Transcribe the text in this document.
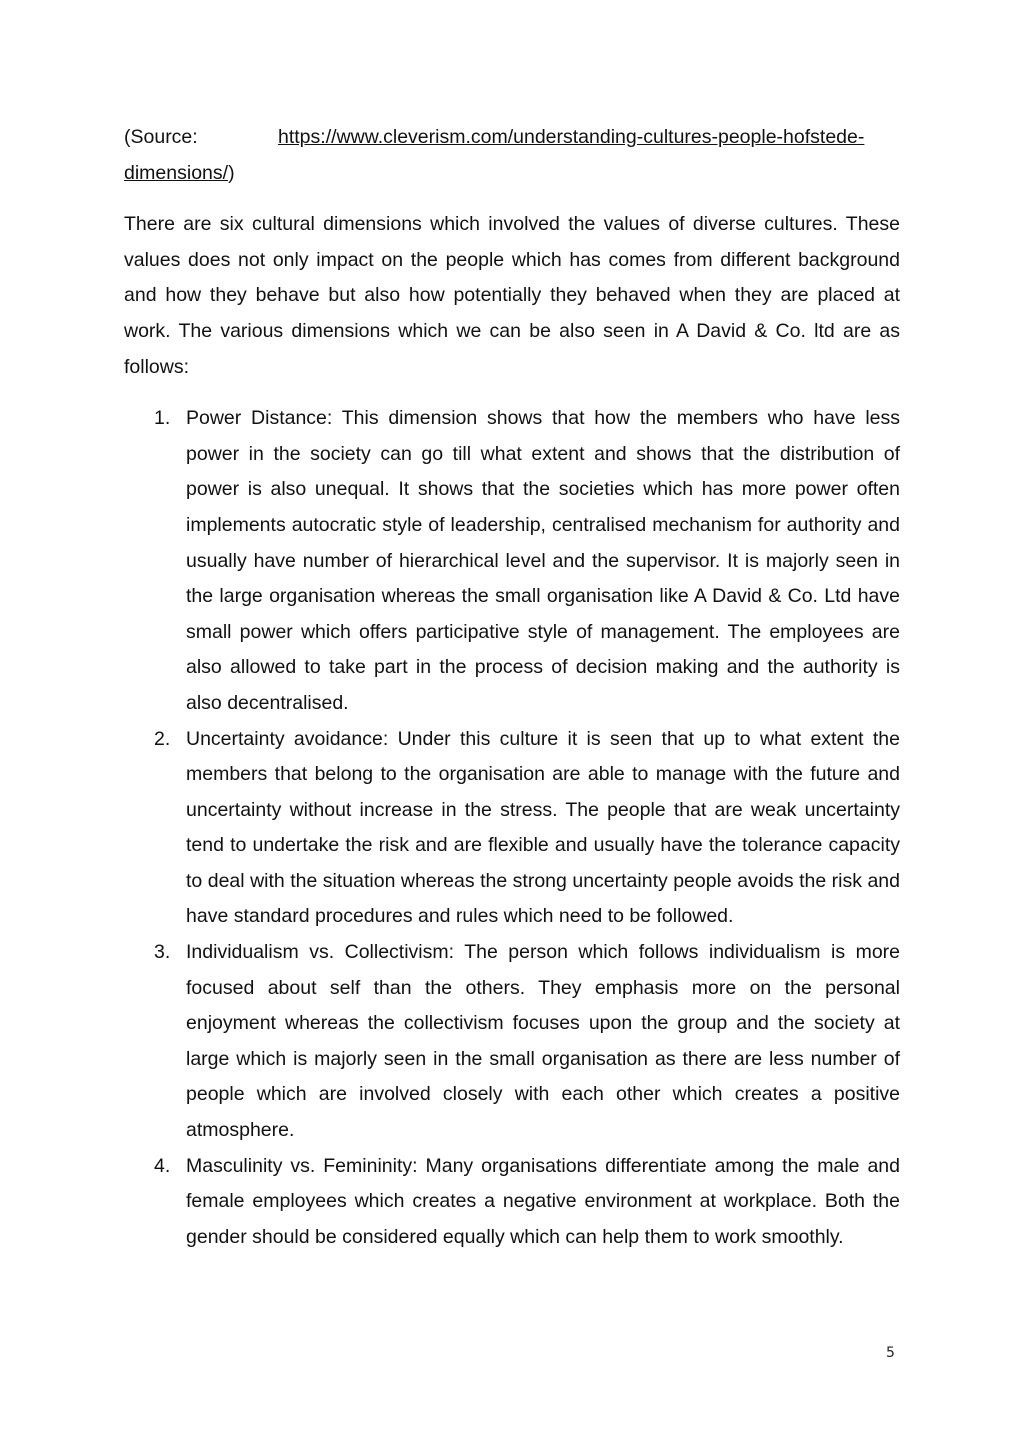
(Source:	https://www.cleverism.com/understanding-cultures-people-hofstede-dimensions/)

There are six cultural dimensions which involved the values of diverse cultures. These values does not only impact on the people which has comes from different background and how they behave but also how potentially they behaved when they are placed at work. The various dimensions which we can be also seen in A David & Co. ltd are as follows:

1. Power Distance: This dimension shows that how the members who have less power in the society can go till what extent and shows that the distribution of power is also unequal. It shows that the societies which has more power often implements autocratic style of leadership, centralised mechanism for authority and usually have number of hierarchical level and the supervisor. It is majorly seen in the large organisation whereas the small organisation like A David & Co. Ltd have small power which offers participative style of management. The employees are also allowed to take part in the process of decision making and the authority is also decentralised.
2. Uncertainty avoidance: Under this culture it is seen that up to what extent the members that belong to the organisation are able to manage with the future and uncertainty without increase in the stress. The people that are weak uncertainty tend to undertake the risk and are flexible and usually have the tolerance capacity to deal with the situation whereas the strong uncertainty people avoids the risk and have standard procedures and rules which need to be followed.
3. Individualism vs. Collectivism: The person which follows individualism is more focused about self than the others. They emphasis more on the personal enjoyment whereas the collectivism focuses upon the group and the society at large which is majorly seen in the small organisation as there are less number of people which are involved closely with each other which creates a positive atmosphere.
4. Masculinity vs. Femininity: Many organisations differentiate among the male and female employees which creates a negative environment at workplace. Both the gender should be considered equally which can help them to work smoothly.
5
